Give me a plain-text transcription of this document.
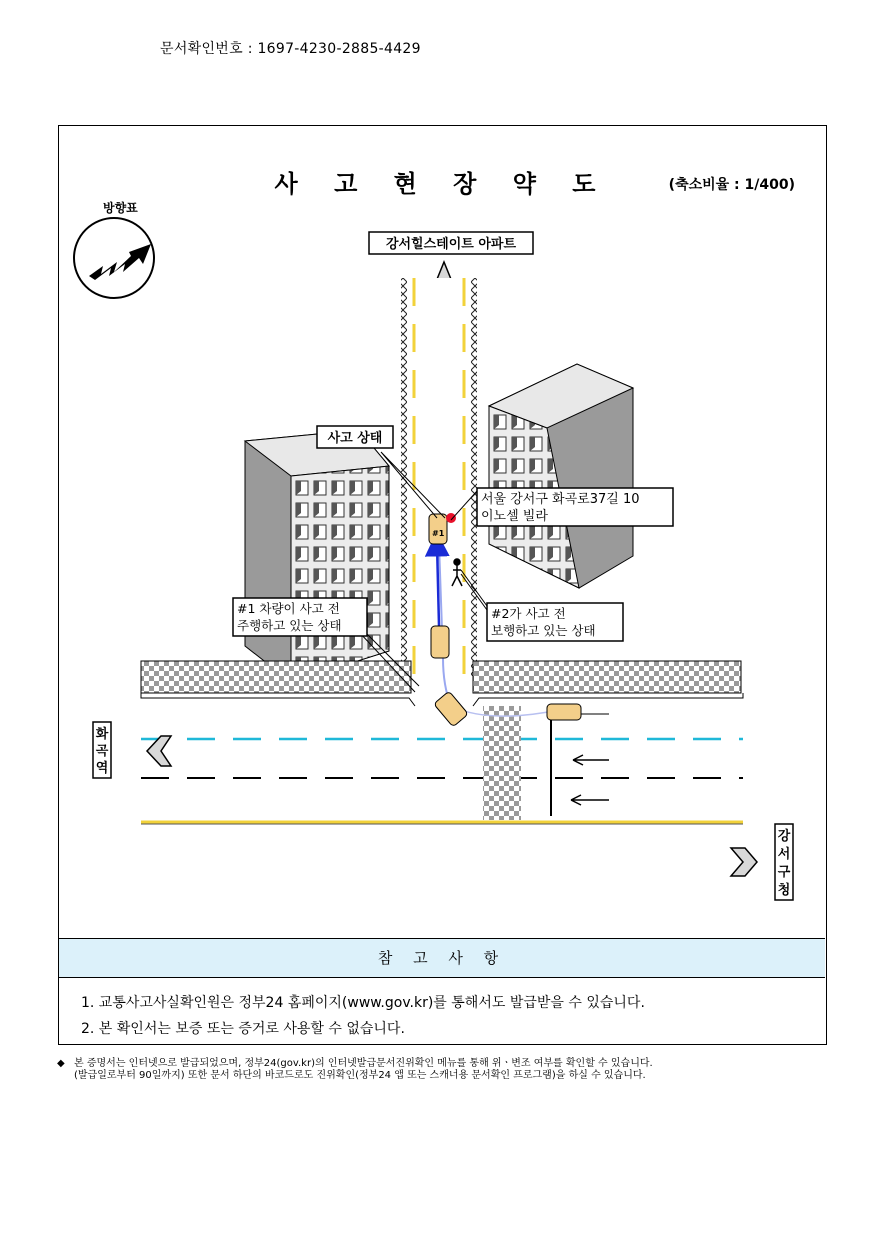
문서확인번호 : 1697-4230-2885-4429
사 고 현 장 약 도	(축소비율 : 1/400)
방향표
강서힐스테이트 아파트
#1
사고 상태
서울 강서구 화곡로37길 10
이노셀 빌라
#1 차량이 사고 전
주행하고 있는 상태
#2가 사고 전
보행하고 있는 상태
화
곡
역
강
서
구
청
참 고 사 항
1. 교통사고사실확인원은 정부24 홈페이지(www.gov.kr)를 통해서도 발급받을 수 있습니다.
2. 본 확인서는 보증 또는 증거로 사용할 수 없습니다.
◆ 본 증명서는 인터넷으로 발급되었으며, 정부24(gov.kr)의 인터넷발급문서진위확인 메뉴를 통해 위ㆍ변조 여부를 확인할 수 있습니다.
(발급일로부터 90일까지) 또한 문서 하단의 바코드로도 진위확인(정부24 앱 또는 스캐너용 문서확인 프로그램)을 하실 수 있습니다.
